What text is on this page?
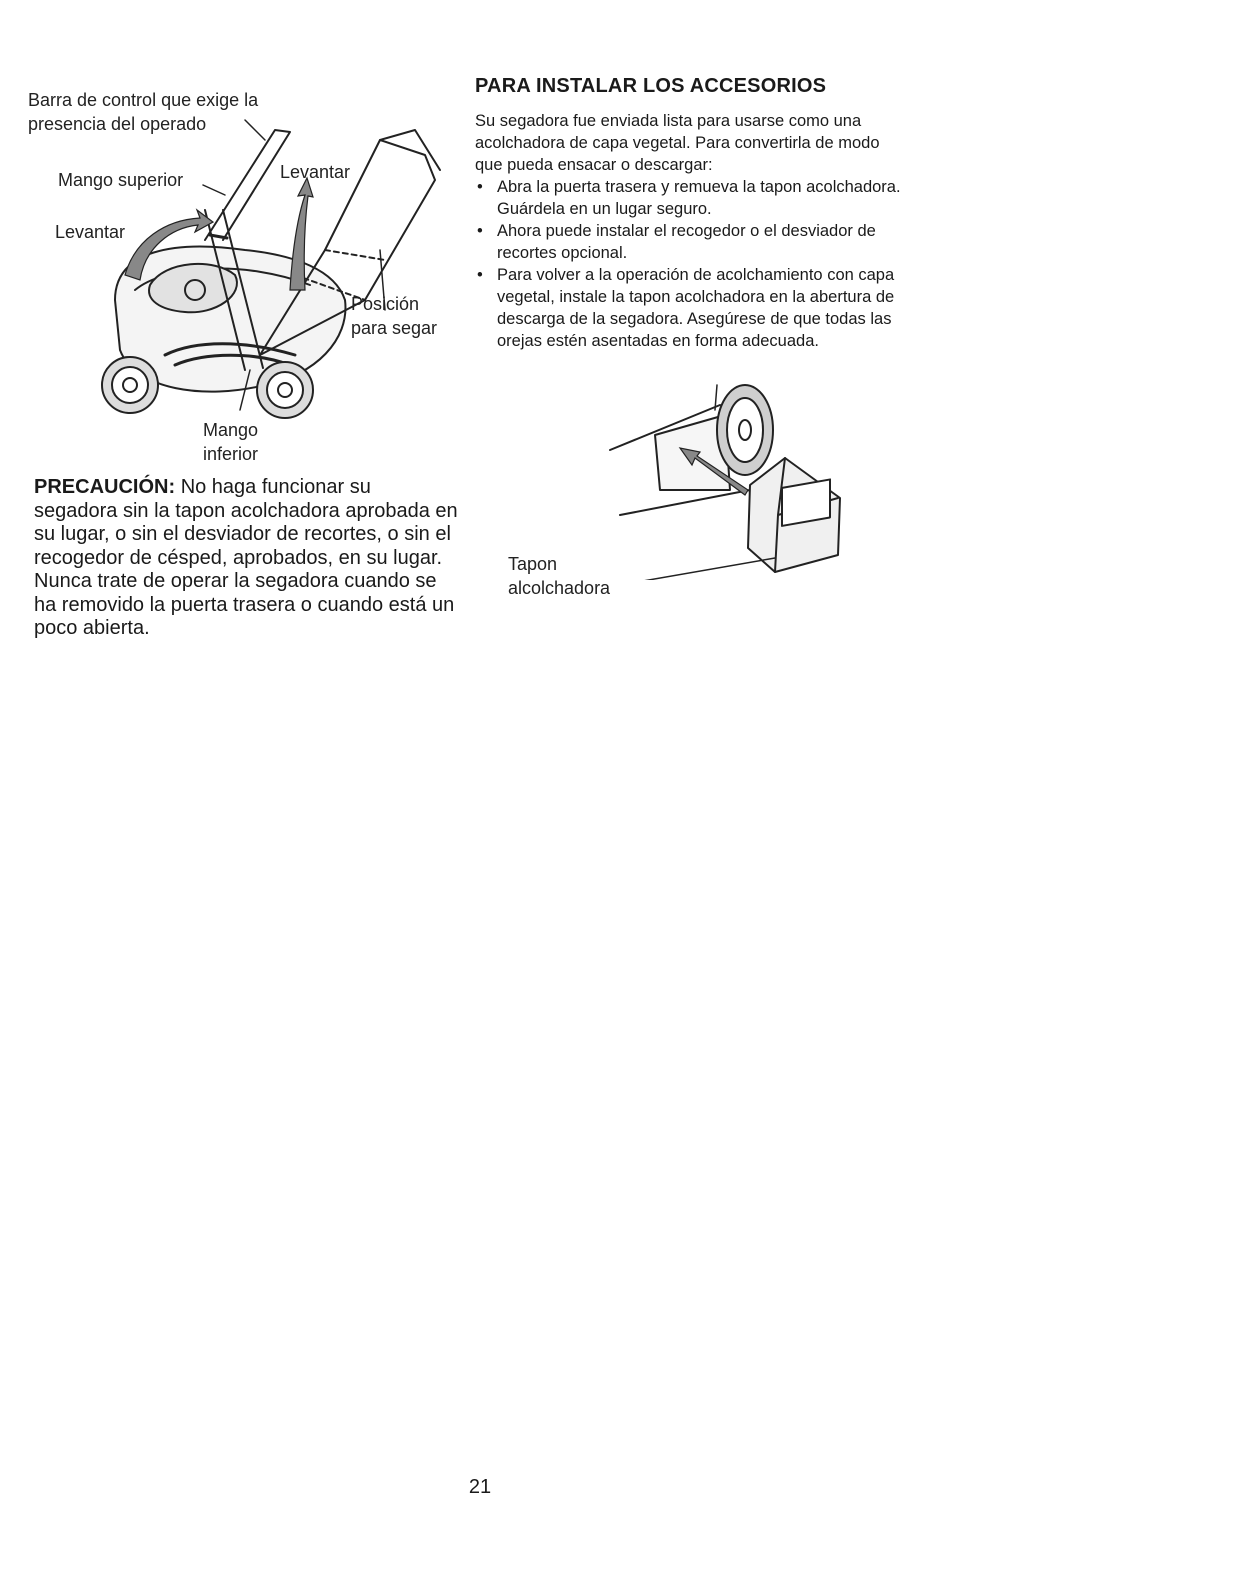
Barra de control que exige la
presencia del operado
Mango superior
Levantar
Levantar
Posición
para segar
Mango
inferior
PRECAUCIÓN: No haga funcionar su segadora sin la tapon acolchadora aprobada en su lugar, o sin el desviador de recortes, o sin el recogedor de césped, aprobados, en su lugar. Nunca trate de operar la segadora cuando se ha removido la puerta trasera o cuando está un poco abierta.
PARA INSTALAR LOS ACCESORIOS
Su segadora fue enviada lista para usarse como una acolchadora de capa vegetal. Para convertirla de modo que pueda ensacar o descargar:
• Abra la puerta trasera y remueva la tapon acolchadora. Guárdela en un lugar seguro.
• Ahora puede instalar el recogedor o el desviador de recortes opcional.
• Para volver a la operación de acolchamiento con capa vegetal, instale la tapon acolchadora en la abertura de descarga de la segadora. Asegúrese de que todas las orejas estén asentadas en forma adecuada.
Tapon
alcolchadora
21
